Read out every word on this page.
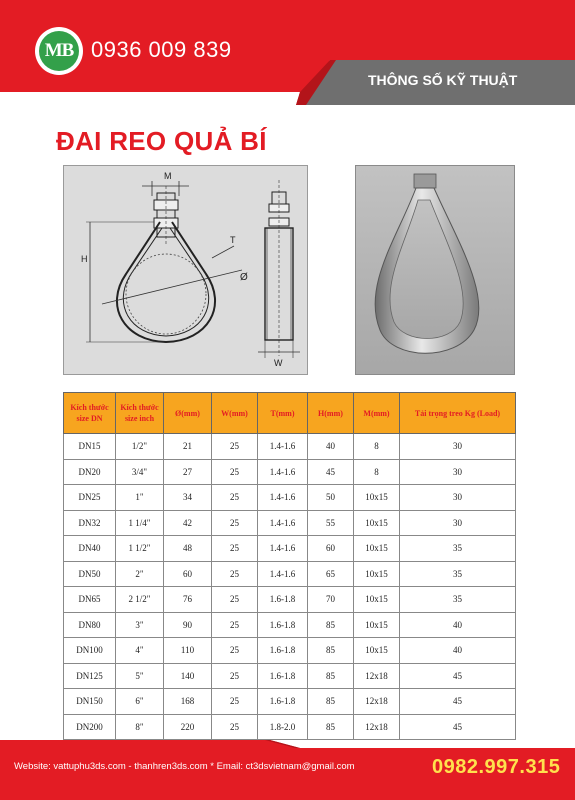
MB 0936 009 839
THÔNG SỐ KỸ THUẬT
ĐAI REO QUẢ BÍ
M
Ø
H
T
W
Kích thước size DN	Kích thước size inch	Ø(mm)	W(mm)	T(mm)	H(mm)	M(mm)	Tải trọng treo Kg (Load)
DN15	1/2"	21	25	1.4-1.6	40	8	30
DN20	3/4"	27	25	1.4-1.6	45	8	30
DN25	1"	34	25	1.4-1.6	50	10x15	30
DN32	1 1/4"	42	25	1.4-1.6	55	10x15	30
DN40	1 1/2"	48	25	1.4-1.6	60	10x15	35
DN50	2"	60	25	1.4-1.6	65	10x15	35
DN65	2 1/2"	76	25	1.6-1.8	70	10x15	35
DN80	3"	90	25	1.6-1.8	85	10x15	40
DN100	4"	110	25	1.6-1.8	85	10x15	40
DN125	5"	140	25	1.6-1.8	85	12x18	45
DN150	6"	168	25	1.6-1.8	85	12x18	45
DN200	8"	220	25	1.8-2.0	85	12x18	45
Website: vattuphu3ds.com - thanhren3ds.com * Email: ct3dsvietnam@gmail.com	0982.997.315
